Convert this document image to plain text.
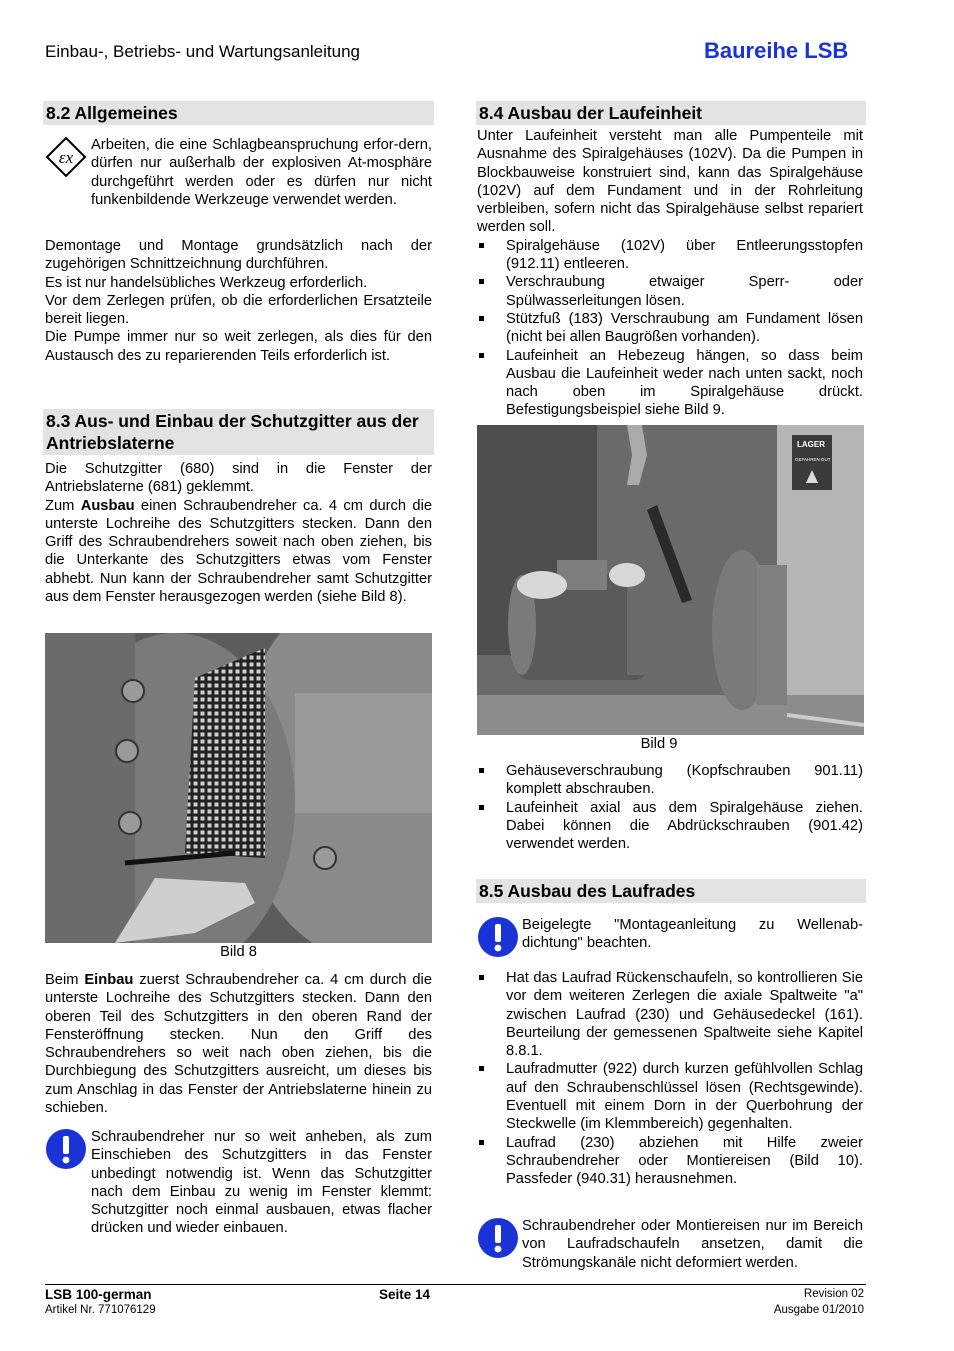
Einbau-, Betriebs- und Wartungsanleitung	Baureihe LSB
8.2 Allgemeines
εx
Arbeiten, die eine Schlagbeanspruchung erfor-dern, dürfen nur außerhalb der explosiven At-mosphäre durchgeführt werden oder es dürfen nur nicht funkenbildende Werkzeuge verwendet werden.
Demontage und Montage grundsätzlich nach der zugehörigen Schnittzeichnung durchführen.
Es ist nur handelsübliches Werkzeug erforderlich.
Vor dem Zerlegen prüfen, ob die erforderlichen Ersatzteile bereit liegen.
Die Pumpe immer nur so weit zerlegen, als dies für den Austausch des zu reparierenden Teils erforderlich ist.
8.3 Aus- und Einbau der Schutzgitter aus der Antriebslaterne
Die Schutzgitter (680) sind in die Fenster der Antriebslaterne (681) geklemmt.
Zum Ausbau einen Schraubendreher ca. 4 cm durch die unterste Lochreihe des Schutzgitters stecken. Dann den Griff des Schraubendrehers soweit nach oben ziehen, bis die Unterkante des Schutzgitters etwas vom Fenster abhebt. Nun kann der Schraubendreher samt Schutzgitter aus dem Fenster herausgezogen werden (siehe Bild 8).
Bild 8
Beim Einbau zuerst Schraubendreher ca. 4 cm durch die unterste Lochreihe des Schutzgitters stecken. Dann den oberen Teil des Schutzgitters in den oberen Rand der Fensteröffnung stecken. Nun den Griff des Schraubendrehers so weit nach oben ziehen, bis die Durchbiegung des Schutzgitters ausreicht, um dieses bis zum Anschlag in das Fenster der Antriebslaterne hinein zu schieben.
Schraubendreher nur so weit anheben, als zum Einschieben des Schutzgitters in das Fenster unbedingt notwendig ist. Wenn das Schutzgitter nach dem Einbau zu wenig im Fenster klemmt: Schutzgitter noch einmal ausbauen, etwas flacher drücken und wieder einbauen.
8.4 Ausbau der Laufeinheit
Unter Laufeinheit versteht man alle Pumpenteile mit Ausnahme des Spiralgehäuses (102V). Da die Pumpen in Blockbauweise konstruiert sind, kann das Spiralgehäuse (102V) auf dem Fundament und in der Rohrleitung verbleiben, sofern nicht das Spiralgehäuse selbst repariert werden soll.
Spiralgehäuse (102V) über Entleerungsstopfen (912.11) entleeren.
Verschraubung etwaiger Sperr- oder Spülwasserleitungen lösen.
Stützfuß (183) Verschraubung am Fundament lösen (nicht bei allen Baugrößen vorhanden).
Laufeinheit an Hebezeug hängen, so dass beim Ausbau die Laufeinheit weder nach unten sackt, noch nach oben im Spiralgehäuse drückt. Befestigungsbeispiel siehe Bild 9.
LAGER
GEFAHREN GUT
Bild 9
Gehäuseverschraubung (Kopfschrauben 901.11) komplett abschrauben.
Laufeinheit axial aus dem Spiralgehäuse ziehen. Dabei können die Abdrückschrauben (901.42) verwendet werden.
8.5 Ausbau des Laufrades
Beigelegte "Montageanleitung zu Wellenab-dichtung" beachten.
Hat das Laufrad Rückenschaufeln, so kontrollieren Sie vor dem weiteren Zerlegen die axiale Spaltweite "a" zwischen Laufrad (230) und Gehäusedeckel (161). Beurteilung der gemessenen Spaltweite siehe Kapitel 8.8.1.
Laufradmutter (922) durch kurzen gefühlvollen Schlag auf den Schraubenschlüssel lösen (Rechtsgewinde). Eventuell mit einem Dorn in der Querbohrung der Steckwelle (im Klemmbereich) gegenhalten.
Laufrad (230) abziehen mit Hilfe zweier Schraubendreher oder Montiereisen (Bild 10). Passfeder (940.31) herausnehmen.
Schraubendreher oder Montiereisen nur im Bereich von Laufradschaufeln ansetzen, damit die Strömungskanäle nicht deformiert werden.
LSB 100-german
Artikel Nr. 771076129
Seite 14	Revision 02
Ausgabe 01/2010
